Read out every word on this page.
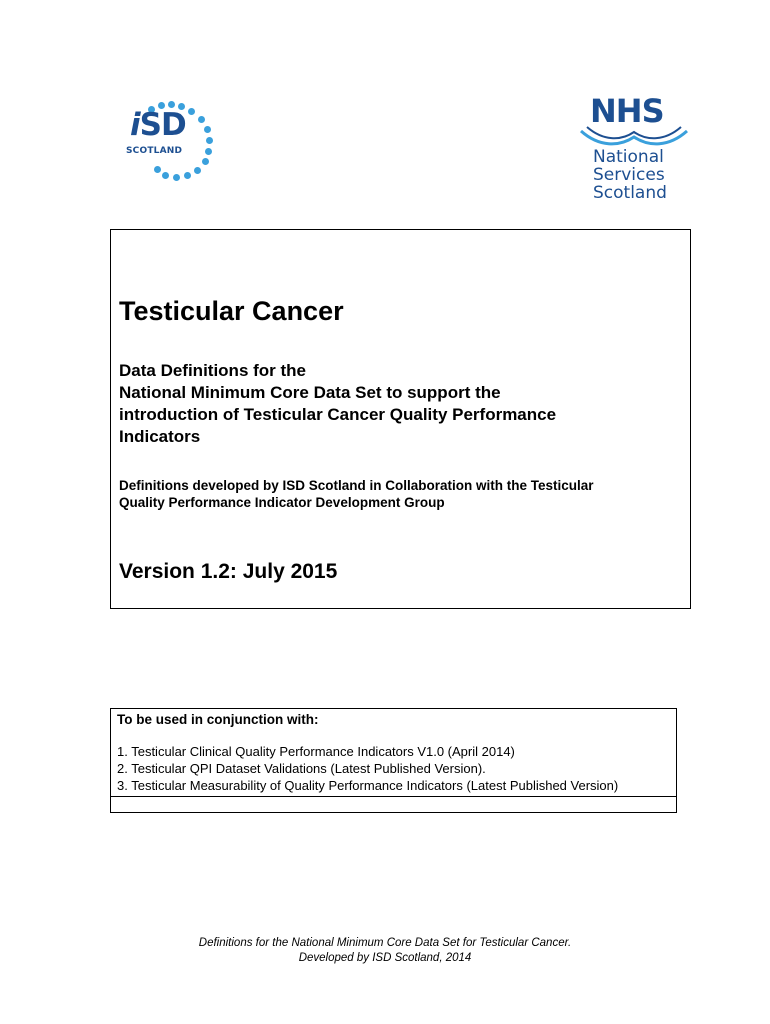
iSD
SCOTLAND
NHS
National
Services
Scotland
Testicular Cancer
Data Definitions for the
National Minimum Core Data Set to support the
introduction of Testicular Cancer Quality Performance
Indicators
Definitions developed by ISD Scotland in Collaboration with the Testicular
Quality Performance Indicator Development Group
Version 1.2: July 2015
To be used in conjunction with:
1. Testicular Clinical Quality Performance Indicators V1.0 (April 2014)
2. Testicular QPI Dataset Validations (Latest Published Version).
3. Testicular Measurability of Quality Performance Indicators (Latest Published Version)
Definitions for the National Minimum Core Data Set for Testicular Cancer.
Developed by ISD Scotland, 2014
